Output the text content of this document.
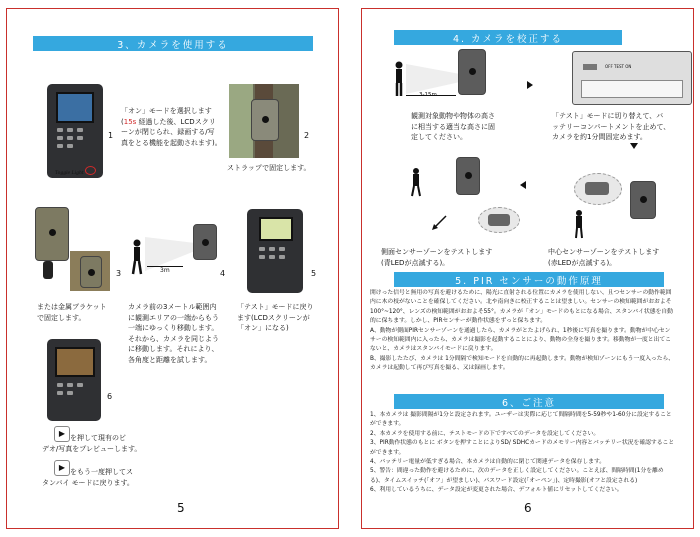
3、カメラを使用する
Toggle Light
1
「オン」モードを選択します
(15s 経過した後、LCDスクリ
ーンが閉じられ、録画する/写
真をとる機能を起動されます)。
2
ストラップで固定します。
3
または金属ブラケット
で固定します。
3m	4
カメラ前の3メートル範囲内
に観測エリアの一端からもう
一端にゆっくり移動します。
それから、カメラを同じよう
に移動します。それにより、
各角度と距離を試します。
5
「テスト」モードに戻り
ます(LCDスクリーンが
「オン」になる)
6
▶ を押して現有のビ
デオ/写真をプレビューします。
▶ をもう一度押してス
タンバイ モードに戻ります。
5
4. カメラを校正する
3-15m
観測対象動物や物体の高さ
に相当する適当な高さに固
定してください。
OFF TEST ON
「テスト」モードに切り替えて、バ
ッテリーコンパートメントを止めて、
カメラを約1分間固定めます。
側面センサーゾーンをテストします
(青LEDが点滅する)。
中心センサーゾーンをテストします
(赤LEDが点滅する)。
5. PIR センサーの動作原理

開けった信号と無用の写真を避けるために、陽光に直射される位置にカメラを使用しない、且つセンサーの動作範囲内に木の枝がないことを確保してください。北や南向きに校正することは望ましい。センサーの検知範囲がおおよそ100°~120°、レンズの検知範囲がおおよそ55°。カメラが「オン」モードのもとになる場合、スタンバイ状態を自動的に保ちます。しかし、PIRセンサーが動作状態をずっと保ちます。

A、動物が側面PIRセンサーゾーンを通過したら、カメラがとたよげられ、1秒後に写真を撮ります。動物が中心センサーの検知範囲内に入ったら、カメラは撮影を起動することにより、動物の全身を撮ります。移動物が一度と出てこないと、カメラはスタンバイモードに戻ります。

B、撮影したたび、カメラは 1分間隔で検知モードを自動的に再起動します。動物が検知ゾーンにもう一度入ったら、カメラは起動して再び写真を撮る、又は録画します。

6、ご注意

1、本カメラは 撮影間隔が1分と設定されます。ユーザーは実際に応じて間隔時間を5-59秒や1-60分に設定することができます。

2、本カメラを使用する前に、テストモードの下ですべてのデータを設定してください。

3、PIR動作状態のもとに ボタンを押すことによりSD/ SDHCカードのメモリー内容とバッテリー状況を確認することができます。

4、バッテリー電量が低すぎる場合、本カメラは自動的に閉じて関連データを保存します。

5、警告：間違った動作を避けるために、次のデータを正しく設定してください。ことえば、間隔時間(1分を離める)、タイムスイッチ(「オフ」が望ましい)、パスワード設定(「オーペン」)、定時撮影(オフと設定される)

6、利用しているうちに、データ設定が変更された場合、デフォルト値にリセットしてください。

6
